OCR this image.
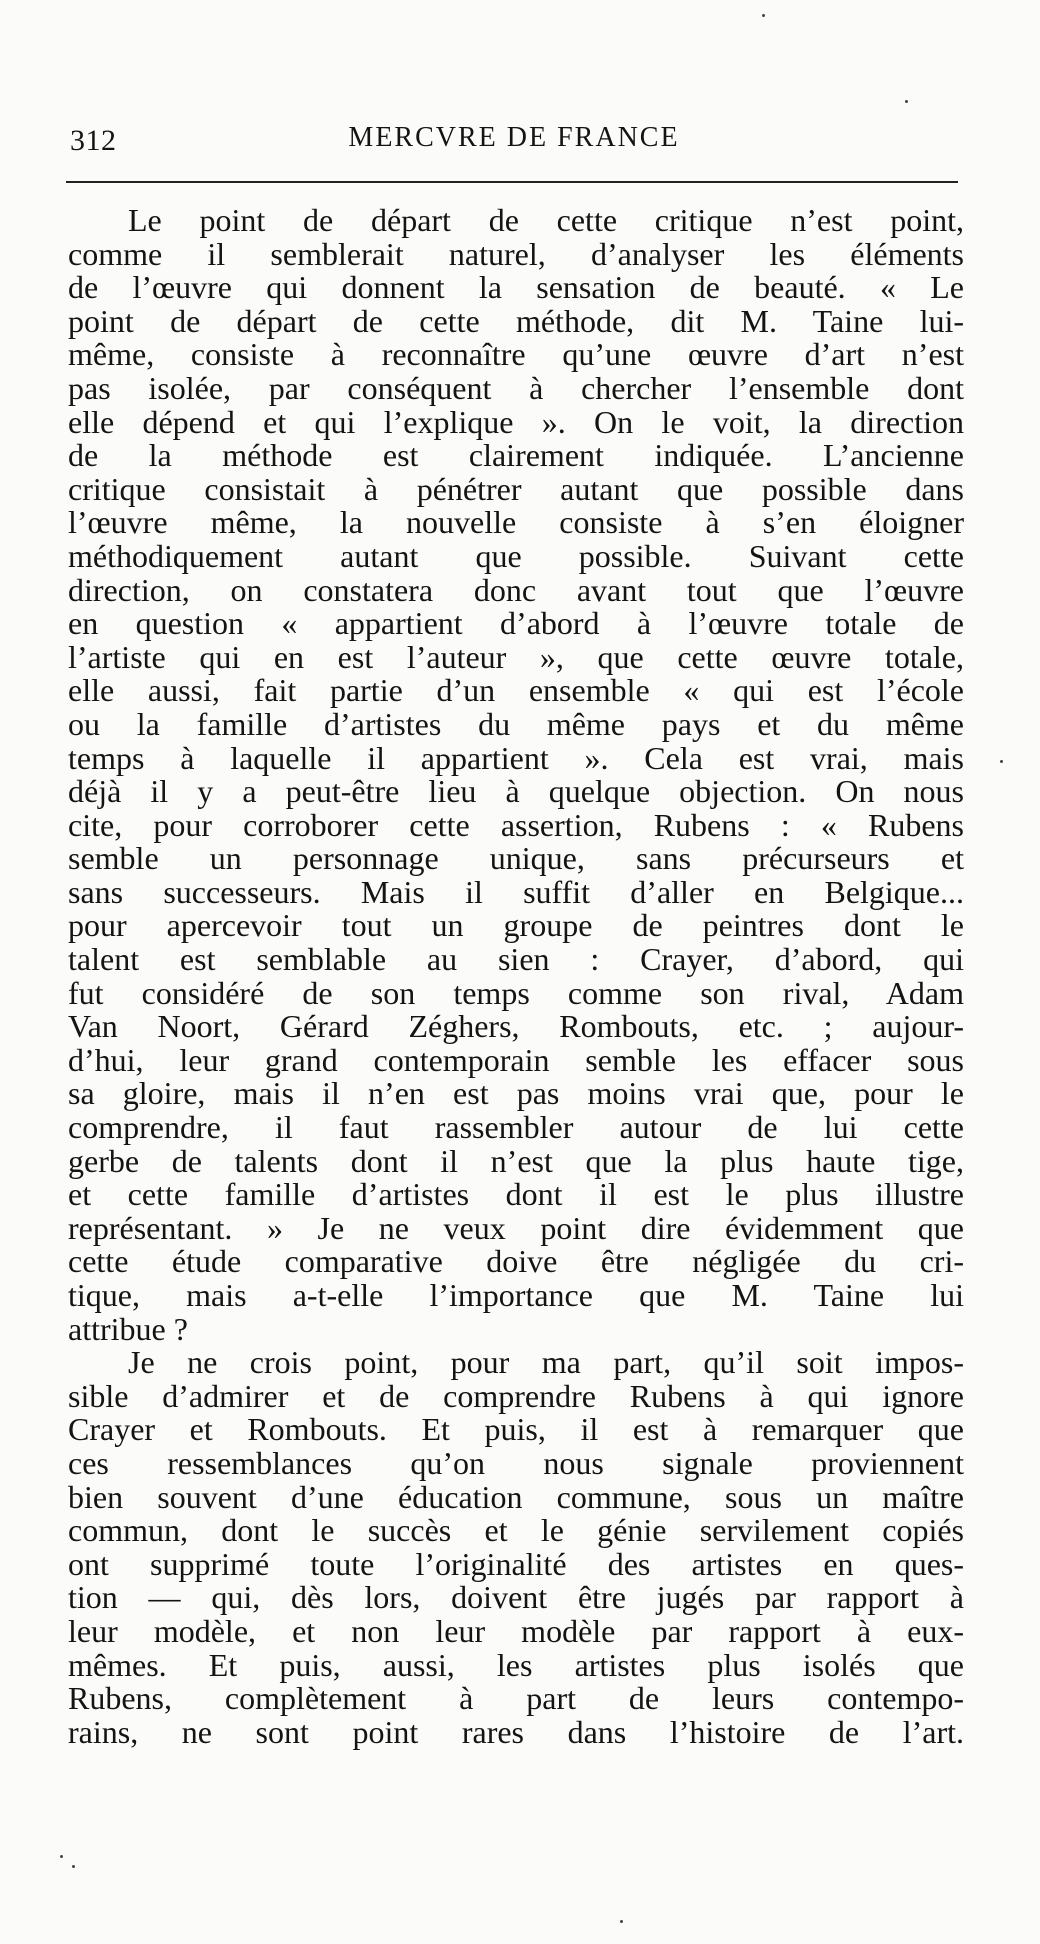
312	MERCVRE DE FRANCE
Le point de départ de cette critique n’est point,
comme il semblerait naturel, d’analyser les éléments
de l’œuvre qui donnent la sensation de beauté. « Le
point de départ de cette méthode, dit M. Taine lui-
même, consiste à reconnaître qu’une œuvre d’art n’est
pas isolée, par conséquent à chercher l’ensemble dont
elle dépend et qui l’explique ». On le voit, la direction
de la méthode est clairement indiquée. L’ancienne
critique consistait à pénétrer autant que possible dans
l’œuvre même, la nouvelle consiste à s’en éloigner
méthodiquement autant que possible. Suivant cette
direction, on constatera donc avant tout que l’œuvre
en question « appartient d’abord à l’œuvre totale de
l’artiste qui en est l’auteur », que cette œuvre totale,
elle aussi, fait partie d’un ensemble « qui est l’école
ou la famille d’artistes du même pays et du même
temps à laquelle il appartient ». Cela est vrai, mais
déjà il y a peut-être lieu à quelque objection. On nous
cite, pour corroborer cette assertion, Rubens : « Rubens
semble un personnage unique, sans précurseurs et
sans successeurs. Mais il suffit d’aller en Belgique...
pour apercevoir tout un groupe de peintres dont le
talent est semblable au sien : Crayer, d’abord, qui
fut considéré de son temps comme son rival, Adam
Van Noort, Gérard Zéghers, Rombouts, etc. ; aujour-
d’hui, leur grand contemporain semble les effacer sous
sa gloire, mais il n’en est pas moins vrai que, pour le
comprendre, il faut rassembler autour de lui cette
gerbe de talents dont il n’est que la plus haute tige,
et cette famille d’artistes dont il est le plus illustre
représentant. » Je ne veux point dire évidemment que
cette étude comparative doive être négligée du cri-
tique, mais a-t-elle l’importance que M. Taine lui
attribue ?
Je ne crois point, pour ma part, qu’il soit impos-
sible d’admirer et de comprendre Rubens à qui ignore
Crayer et Rombouts. Et puis, il est à remarquer que
ces ressemblances qu’on nous signale proviennent
bien souvent d’une éducation commune, sous un maître
commun, dont le succès et le génie servilement copiés
ont supprimé toute l’originalité des artistes en ques-
tion — qui, dès lors, doivent être jugés par rapport à
leur modèle, et non leur modèle par rapport à eux-
mêmes. Et puis, aussi, les artistes plus isolés que
Rubens, complètement à part de leurs contempo-
rains, ne sont point rares dans l’histoire de l’art.
